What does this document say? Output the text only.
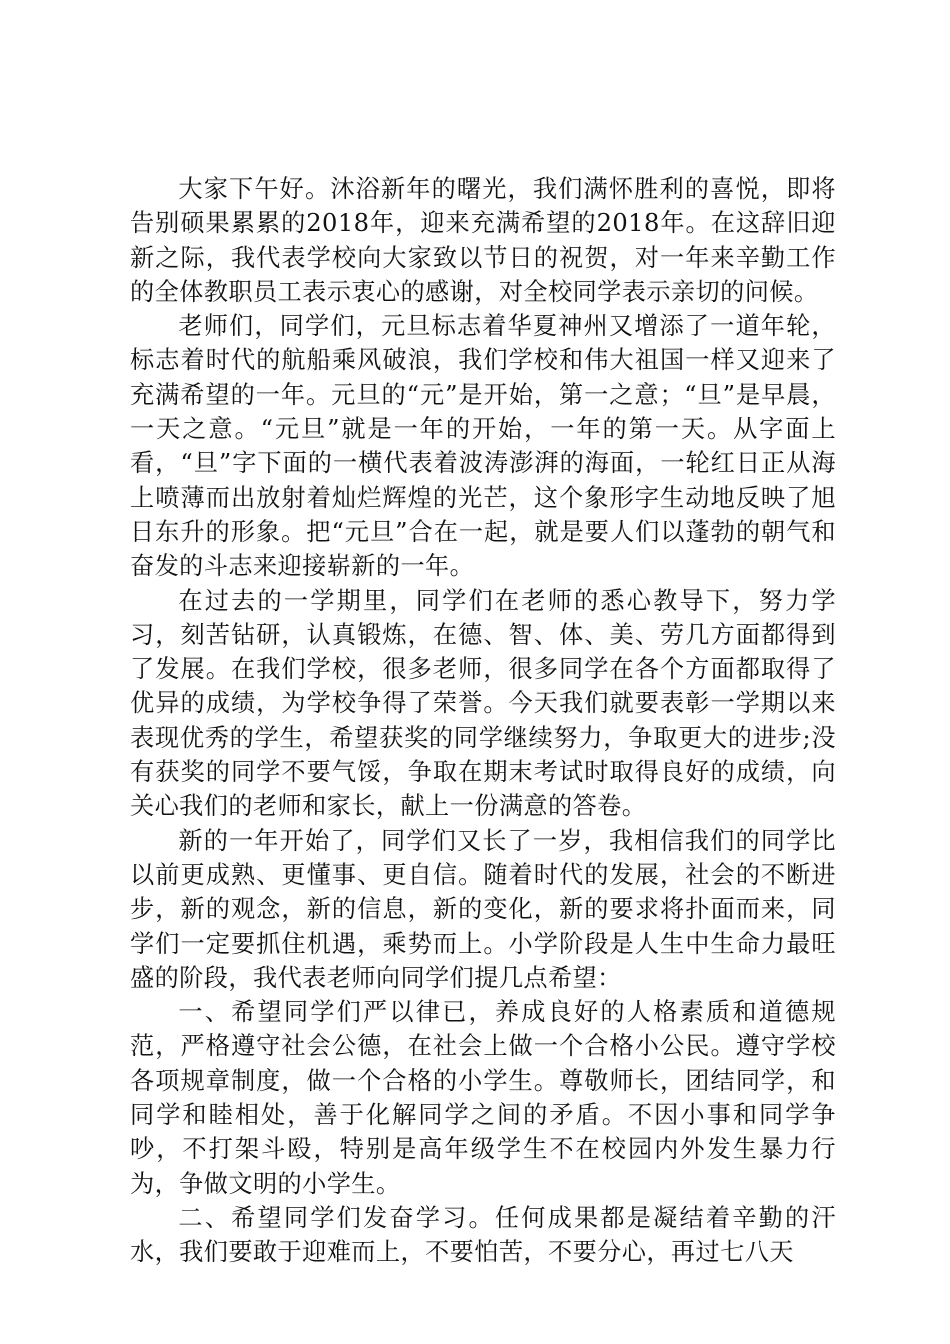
大家下午好。沐浴新年的曙光，我们满怀胜利的喜悦，即将告别硕果累累的2018年，迎来充满希望的2018年。在这辞旧迎新之际，我代表学校向大家致以节日的祝贺，对一年来辛勤工作的全体教职员工表示衷心的感谢，对全校同学表示亲切的问候。

老师们，同学们，元旦标志着华夏神州又增添了一道年轮，标志着时代的航船乘风破浪，我们学校和伟大祖国一样又迎来了充满希望的一年。元旦的“元”是开始，第一之意；“旦”是早晨，一天之意。“元旦”就是一年的开始，一年的第一天。从字面上看，“旦”字下面的一横代表着波涛澎湃的海面，一轮红日正从海上喷薄而出放射着灿烂辉煌的光芒，这个象形字生动地反映了旭日东升的形象。把“元旦”合在一起，就是要人们以蓬勃的朝气和奋发的斗志来迎接崭新的一年。

在过去的一学期里，同学们在老师的悉心教导下，努力学习，刻苦钻研，认真锻炼，在德、智、体、美、劳几方面都得到了发展。在我们学校，很多老师，很多同学在各个方面都取得了优异的成绩，为学校争得了荣誉。今天我们就要表彰一学期以来表现优秀的学生，希望获奖的同学继续努力，争取更大的进步;没有获奖的同学不要气馁，争取在期末考试时取得良好的成绩，向关心我们的老师和家长，献上一份满意的答卷。

新的一年开始了，同学们又长了一岁，我相信我们的同学比以前更成熟、更懂事、更自信。随着时代的发展，社会的不断进步，新的观念，新的信息，新的变化，新的要求将扑面而来，同学们一定要抓住机遇，乘势而上。小学阶段是人生中生命力最旺盛的阶段，我代表老师向同学们提几点希望：

一、希望同学们严以律已，养成良好的人格素质和道德规范，严格遵守社会公德，在社会上做一个合格小公民。遵守学校各项规章制度，做一个合格的小学生。尊敬师长，团结同学，和同学和睦相处，善于化解同学之间的矛盾。不因小事和同学争吵，不打架斗殴，特别是高年级学生不在校园内外发生暴力行为，争做文明的小学生。

二、希望同学们发奋学习。任何成果都是凝结着辛勤的汗水，我们要敢于迎难而上，不要怕苦，不要分心，再过七八天
